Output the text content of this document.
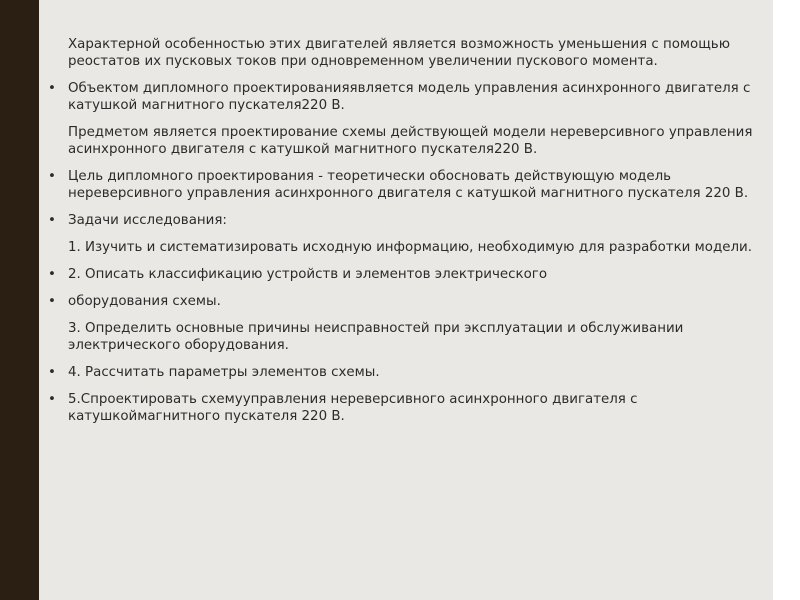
Характерной особенностью этих двигателей является возможность уменьшения с помощью реостатов их пусковых токов при одновременном увеличении пускового момента.
• Объектом дипломного проектированияявляется модель управления асинхронного двигателя с катушкой магнитного пускателя220 В.
Предметом является проектирование схемы действующей модели нереверсивного управления асинхронного двигателя с катушкой магнитного пускателя220 В.
• Цель дипломного проектирования - теоретически обосновать действующую модель нереверсивного управления асинхронного двигателя с катушкой магнитного пускателя 220 В.
• Задачи исследования:
1. Изучить и систематизировать исходную информацию, необходимую для разработки модели.
• 2. Описать классификацию устройств и элементов электрического
• оборудования схемы.
3. Определить основные причины неисправностей при эксплуатации и обслуживании электрического оборудования.
• 4. Рассчитать параметры элементов схемы.
• 5.Спроектировать схемууправления нереверсивного асинхронного двигателя с катушкоймагнитного пускателя 220 В.
